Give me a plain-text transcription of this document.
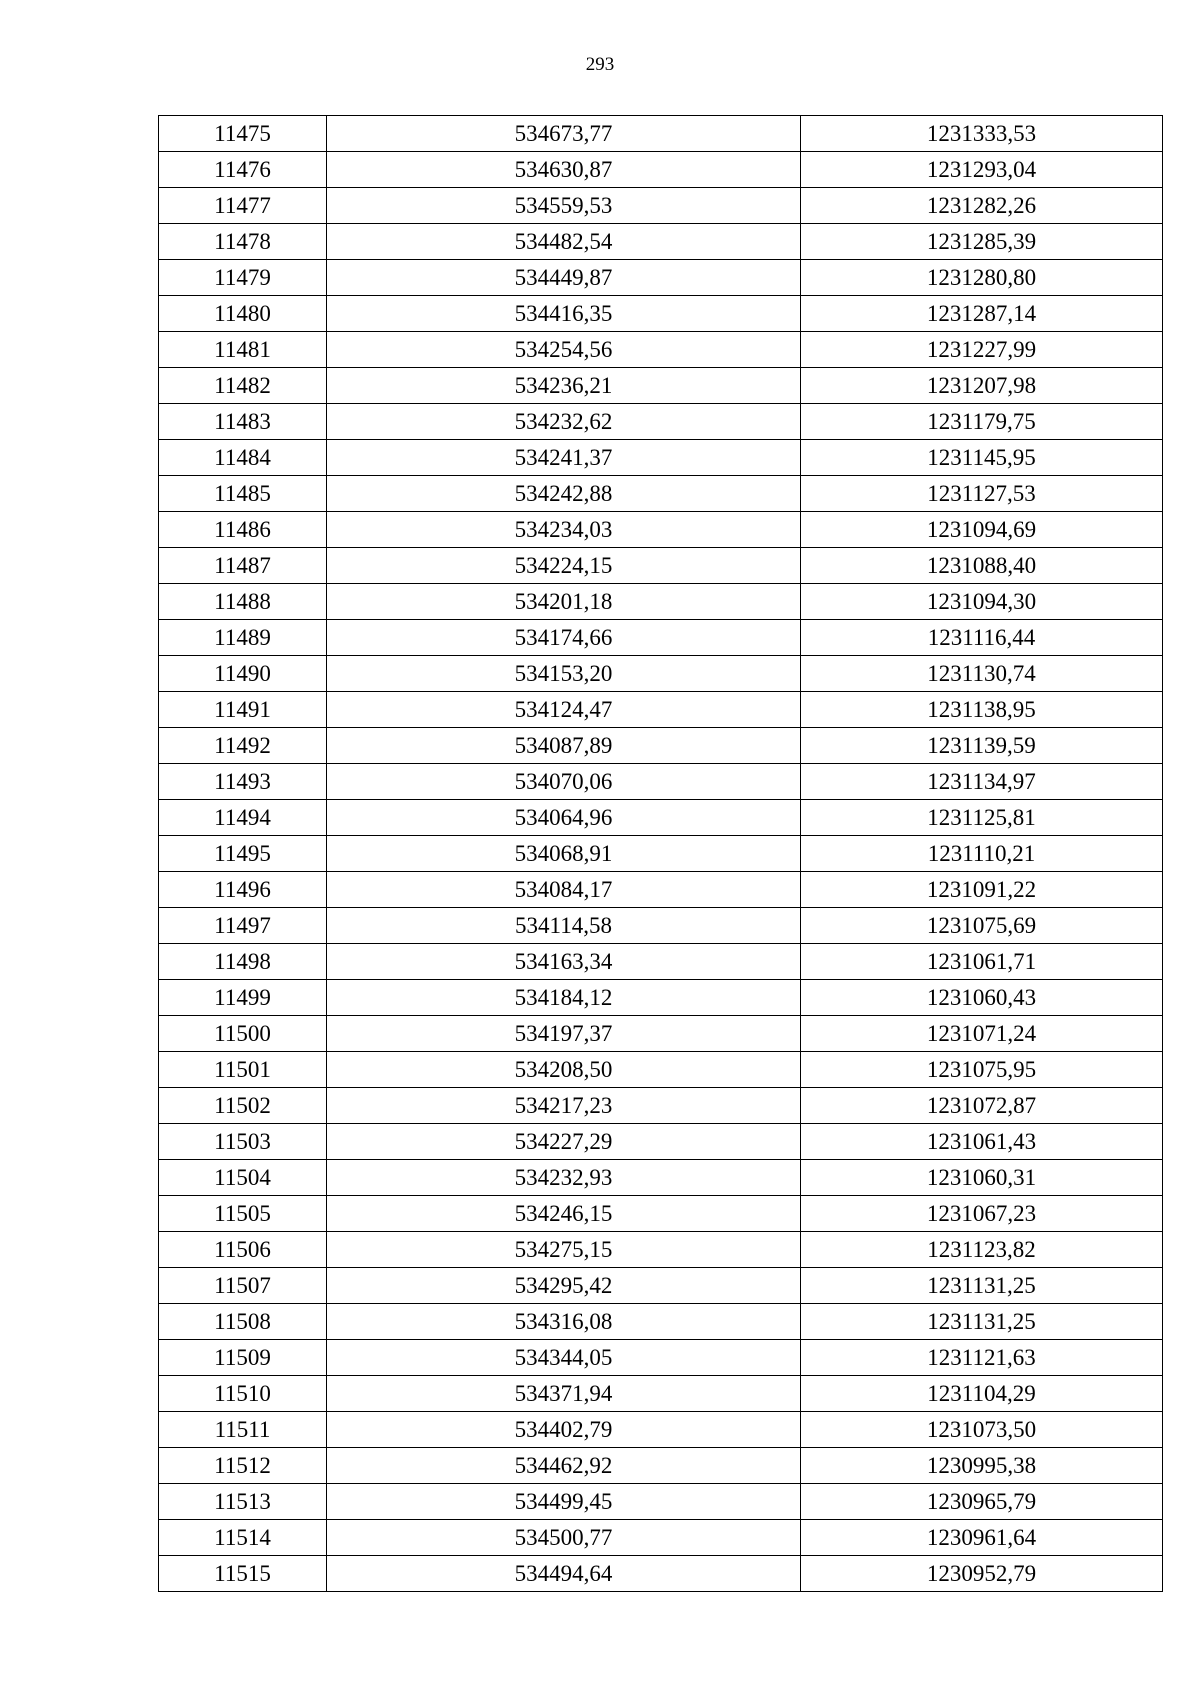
293
11475	534673,77	1231333,53
11476	534630,87	1231293,04
11477	534559,53	1231282,26
11478	534482,54	1231285,39
11479	534449,87	1231280,80
11480	534416,35	1231287,14
11481	534254,56	1231227,99
11482	534236,21	1231207,98
11483	534232,62	1231179,75
11484	534241,37	1231145,95
11485	534242,88	1231127,53
11486	534234,03	1231094,69
11487	534224,15	1231088,40
11488	534201,18	1231094,30
11489	534174,66	1231116,44
11490	534153,20	1231130,74
11491	534124,47	1231138,95
11492	534087,89	1231139,59
11493	534070,06	1231134,97
11494	534064,96	1231125,81
11495	534068,91	1231110,21
11496	534084,17	1231091,22
11497	534114,58	1231075,69
11498	534163,34	1231061,71
11499	534184,12	1231060,43
11500	534197,37	1231071,24
11501	534208,50	1231075,95
11502	534217,23	1231072,87
11503	534227,29	1231061,43
11504	534232,93	1231060,31
11505	534246,15	1231067,23
11506	534275,15	1231123,82
11507	534295,42	1231131,25
11508	534316,08	1231131,25
11509	534344,05	1231121,63
11510	534371,94	1231104,29
11511	534402,79	1231073,50
11512	534462,92	1230995,38
11513	534499,45	1230965,79
11514	534500,77	1230961,64
11515	534494,64	1230952,79
